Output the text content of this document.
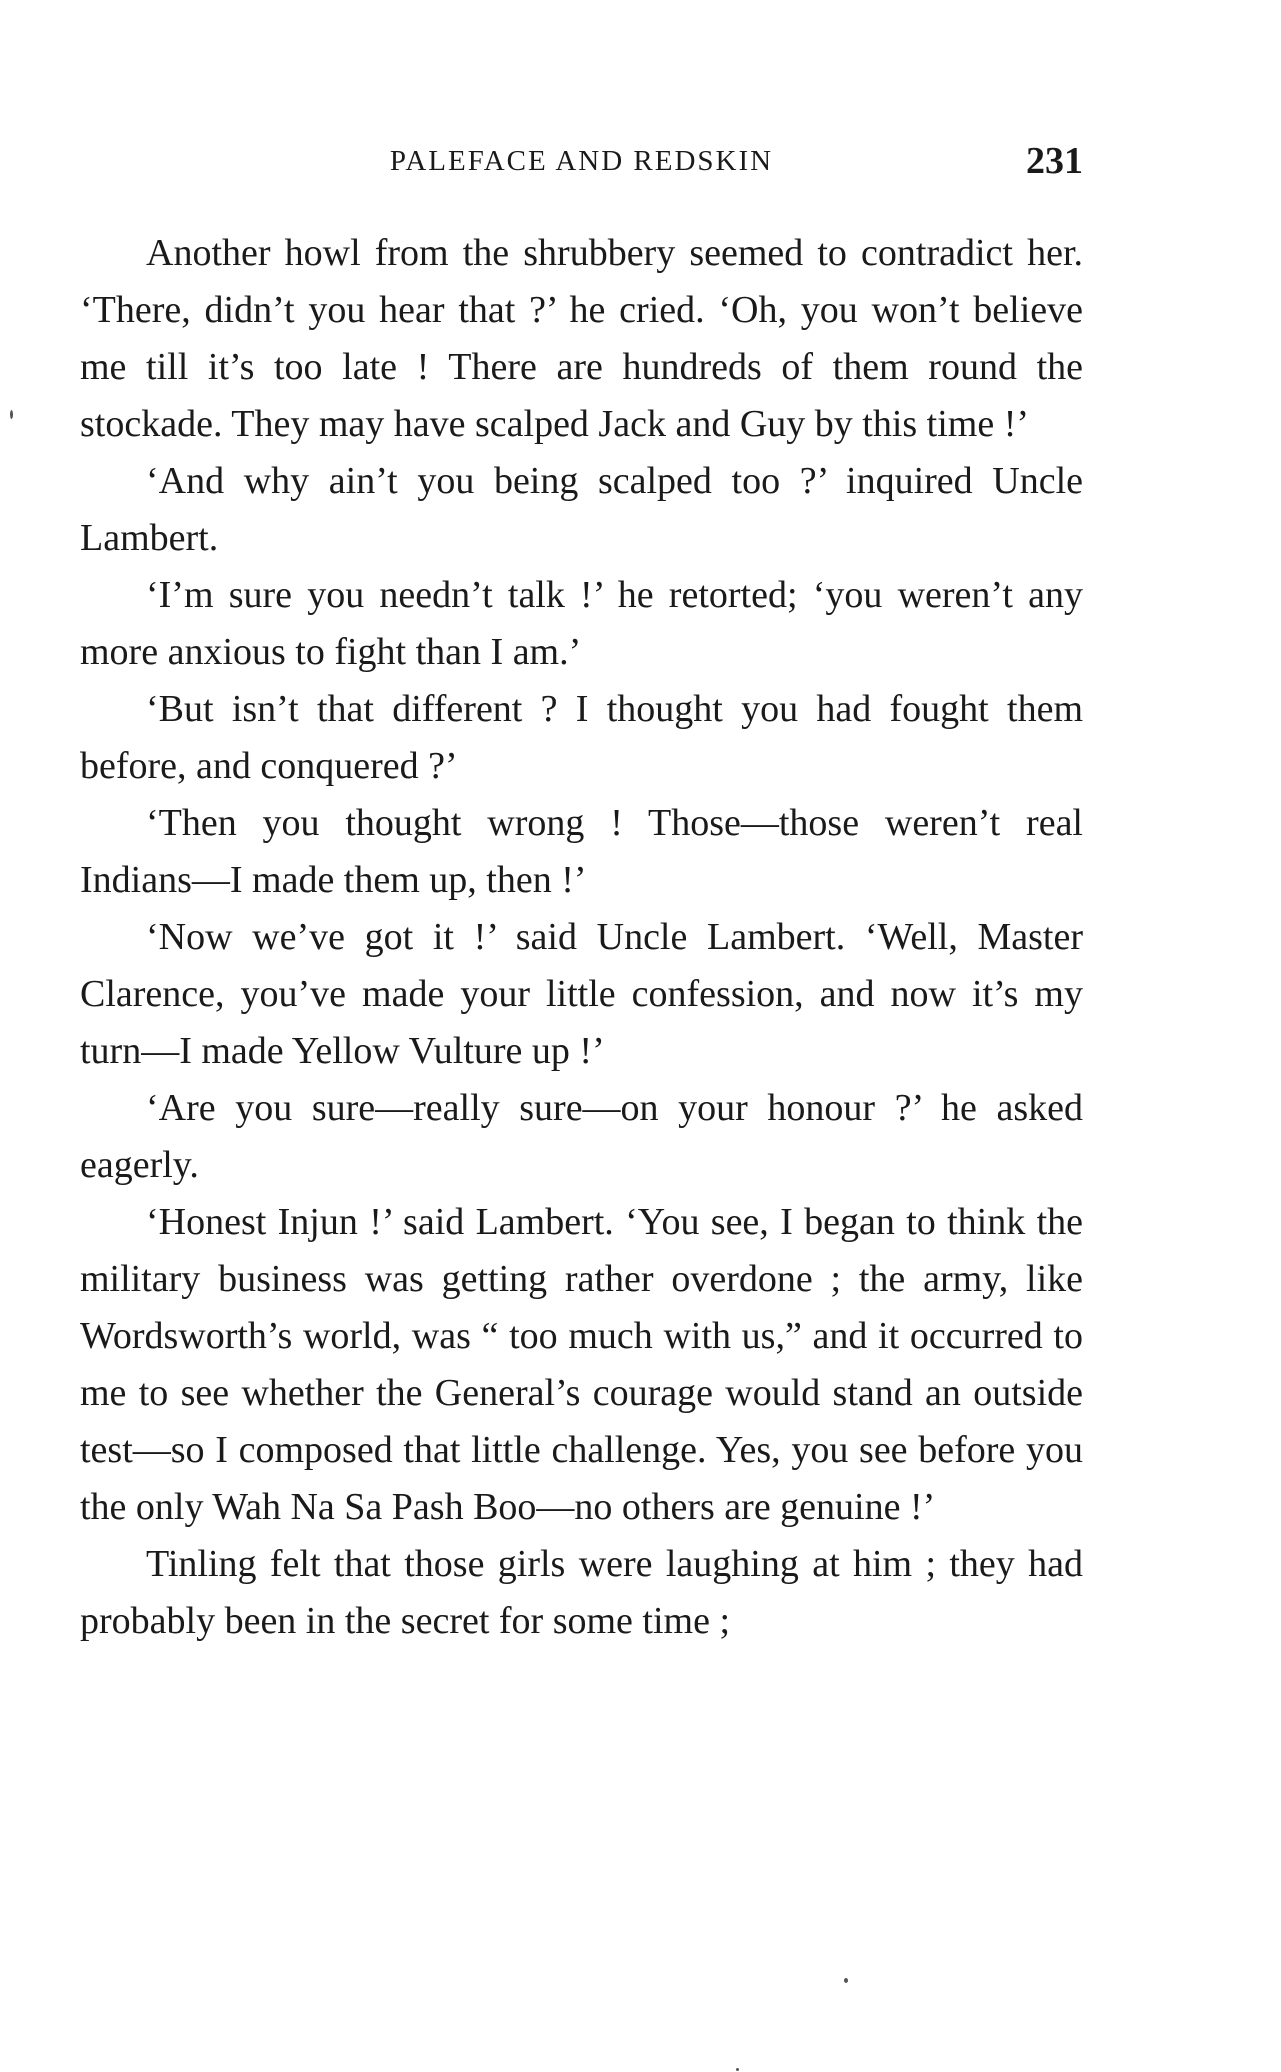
PALEFACE AND REDSKIN	231

Another howl from the shrubbery seemed to contradict her. ‘There, didn’t you hear that ?’ he cried. ‘Oh, you won’t believe me till it’s too late ! There are hundreds of them round the stockade. They may have scalped Jack and Guy by this time !’

‘And why ain’t you being scalped too ?’ inquired Uncle Lambert.

‘I’m sure you needn’t talk !’ he retorted; ‘you weren’t any more anxious to fight than I am.’

‘But isn’t that different ? I thought you had fought them before, and conquered ?’

‘Then you thought wrong ! Those—those weren’t real Indians—I made them up, then !’

‘Now we’ve got it !’ said Uncle Lambert. ‘Well, Master Clarence, you’ve made your little confession, and now it’s my turn—I made Yellow Vulture up !’

‘Are you sure—really sure—on your honour ?’ he asked eagerly.

‘Honest Injun !’ said Lambert. ‘You see, I began to think the military business was getting rather overdone ; the army, like Wordsworth’s world, was “ too much with us,” and it occurred to me to see whether the General’s courage would stand an outside test—so I composed that little challenge. Yes, you see before you the only Wah Na Sa Pash Boo—no others are genuine !’

Tinling felt that those girls were laughing at him ; they had probably been in the secret for some time ;
